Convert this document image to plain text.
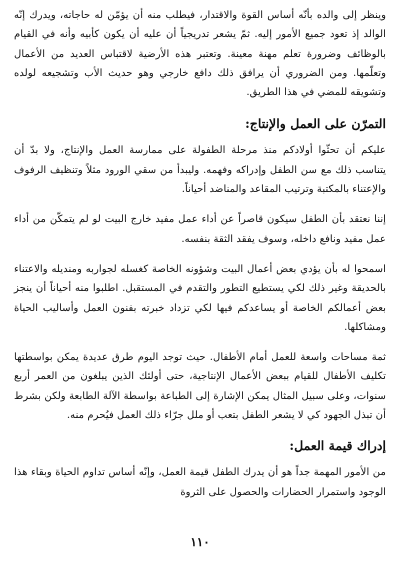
وينظر إلى والده بأنّه أساس القوة والاقتدار، فيطلب منه أن يؤمّن له حاجاته، ويدرك إنّه الوالد إذ تعود جميع الأمور إليه. ثمّ يشعر تدريجياً أن عليه أن يكون كأبيه وأنه في القيام بالوظائف وضرورة تعلم مهنة معينة. وتعتبر هذه الأرضية لاقتباس العديد من الأعمال وتعلّمها. ومن الضروري أن يرافق ذلك دافع خارجي وهو حديث الأب وتشجيعه لولده وتشويقه للمضي في هذا الطريق.

التمرّن على العمل والإنتاج:

عليكم أن تحثّوا أولادكم منذ مرحلة الطفولة على ممارسة العمل والإنتاج، ولا بدّ أن يتناسب ذلك مع سن الطفل وإدراكه وفهمه. وليبدأ من سقي الورود مثلاً وتنظيف الرفوف والإعتناء بالمكتبة وترتيب المقاعد والمناضد أحياناً.

إننا نعتقد بأن الطفل سيكون قاصراً عن أداء عمل مفيد خارج البيت لو لم يتمكّن من أداء عمل مفيد ونافع داخله، وسوف يفقد الثقة بنفسه.

اسمحوا له بأن يؤدي بعض أعمال البيت وشؤونه الخاصة كغسله لجواربه ومنديله والاعتناء بالحديقة وغير ذلك لكي يستطيع التطور والتقدم في المستقبل. اطلبوا منه أحياناً أن ينجز بعض أعمالكم الخاصة أو يساعدكم فيها لكي تزداد خبرته بفنون العمل وأساليب الحياة ومشاكلها.

ثمة مساحات واسعة للعمل أمام الأطفال. حيث توجد اليوم طرق عديدة يمكن بواسطتها تكليف الأطفال للقيام ببعض الأعمال الإنتاجية، حتى أولئك الذين يبلغون من العمر أربع سنوات، وعلى سبيل المثال يمكن الإشارة إلى الطباعة بواسطة الآلة الطابعة ولكن بشرط أن تبذل الجهود كي لا يشعر الطفل بتعب أو ملل جرّاء ذلك العمل فيُحرم منه.

إدراك قيمة العمل:

من الأمور المهمة جداً هو أن يدرك الطفل قيمة العمل، وإنّه أساس تداوم الحياة وبقاء هذا الوجود واستمرار الحضارات والحصول على الثروة

١١٠
